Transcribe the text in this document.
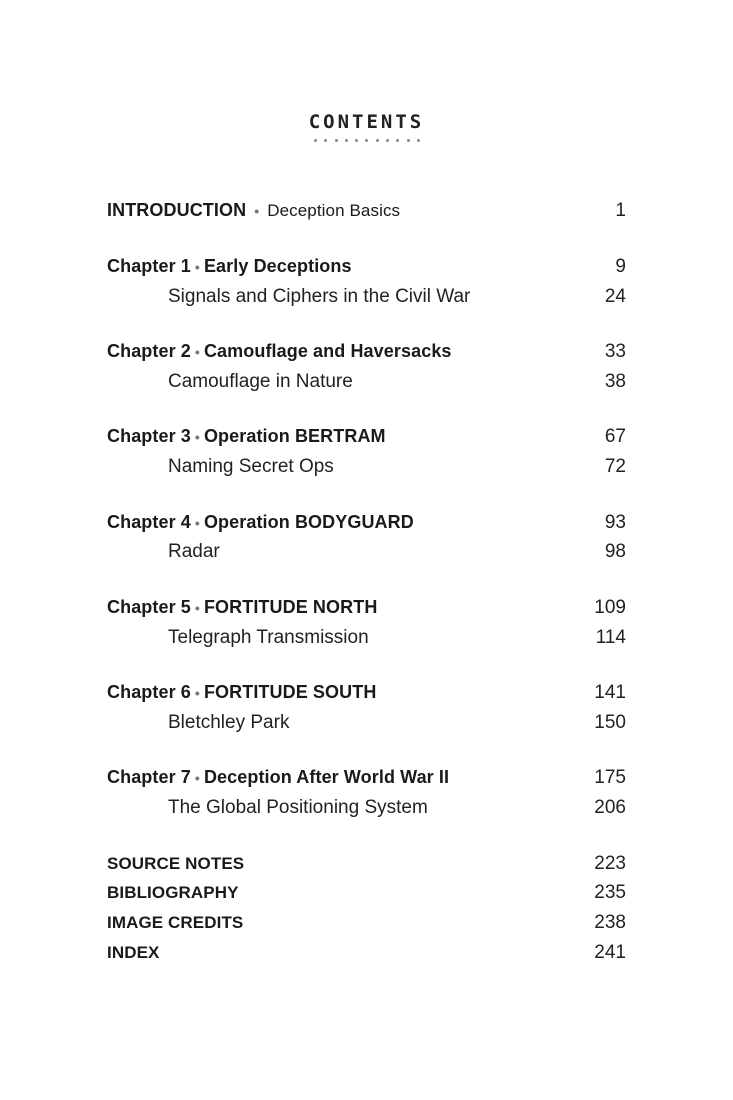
CONTENTS
INTRODUCTION • Deception Basics	1
Chapter 1 • Early Deceptions	9
Signals and Ciphers in the Civil War	24
Chapter 2 • Camouflage and Haversacks	33
Camouflage in Nature	38
Chapter 3 • Operation BERTRAM	67
Naming Secret Ops	72
Chapter 4 • Operation BODYGUARD	93
Radar	98
Chapter 5 • FORTITUDE NORTH	109
Telegraph Transmission	114
Chapter 6 • FORTITUDE SOUTH	141
Bletchley Park	150
Chapter 7 • Deception After World War II	175
The Global Positioning System	206
SOURCE NOTES	223
BIBLIOGRAPHY	235
IMAGE CREDITS	238
INDEX	241
